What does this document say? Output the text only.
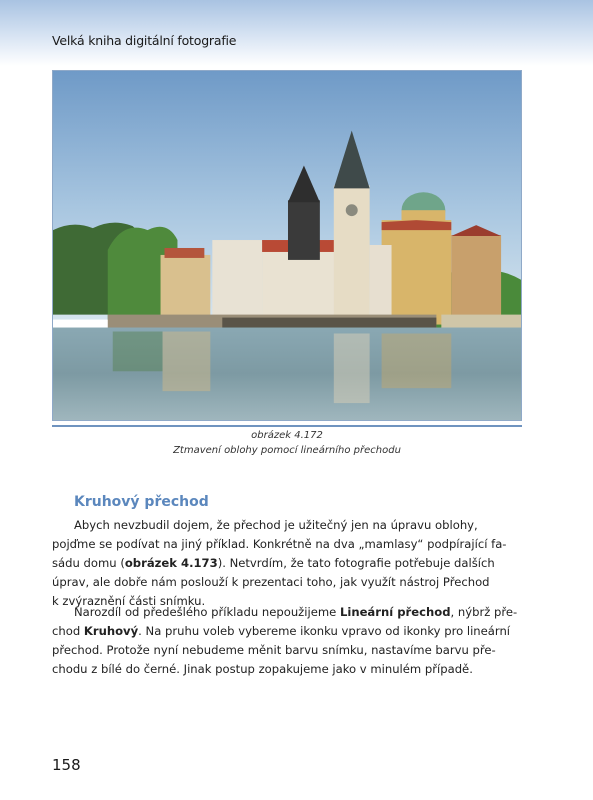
Velká kniha digitální fotografie
obrázek 4.172
Ztmavení oblohy pomocí lineárního přechodu
Kruhový přechod
Abych nevzbudil dojem, že přechod je užitečný jen na úpravu oblohy,
pojďme se podívat na jiný příklad. Konkrétně na dva „mamlasy“ podpírající fa-
sádu domu (obrázek 4.173). Netvrdím, že tato fotografie potřebuje dalších
úprav, ale dobře nám poslouží k prezentaci toho, jak využít nástroj Přechod
k zvýraznění části snímku.
Narozdíl od předešlého příkladu nepoužijeme Lineární přechod, nýbrž pře-
chod Kruhový. Na pruhu voleb vybereme ikonku vpravo od ikonky pro lineární
přechod. Protože nyní nebudeme měnit barvu snímku, nastavíme barvu pře-
chodu z bílé do černé. Jinak postup zopakujeme jako v minulém případě.
158
